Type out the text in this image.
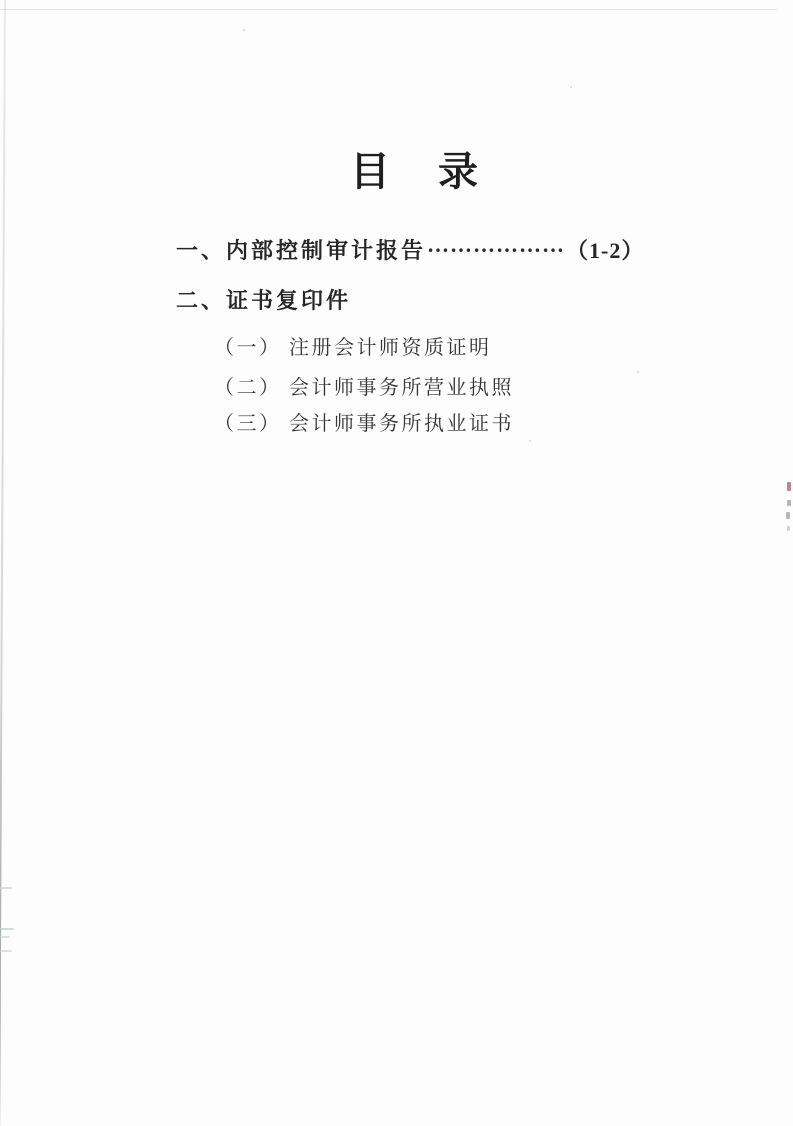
目 录
一、内部控制审计报告………………（1-2）
二、证书复印件
（一） 注册会计师资质证明
（二） 会计师事务所营业执照
（三） 会计师事务所执业证书
